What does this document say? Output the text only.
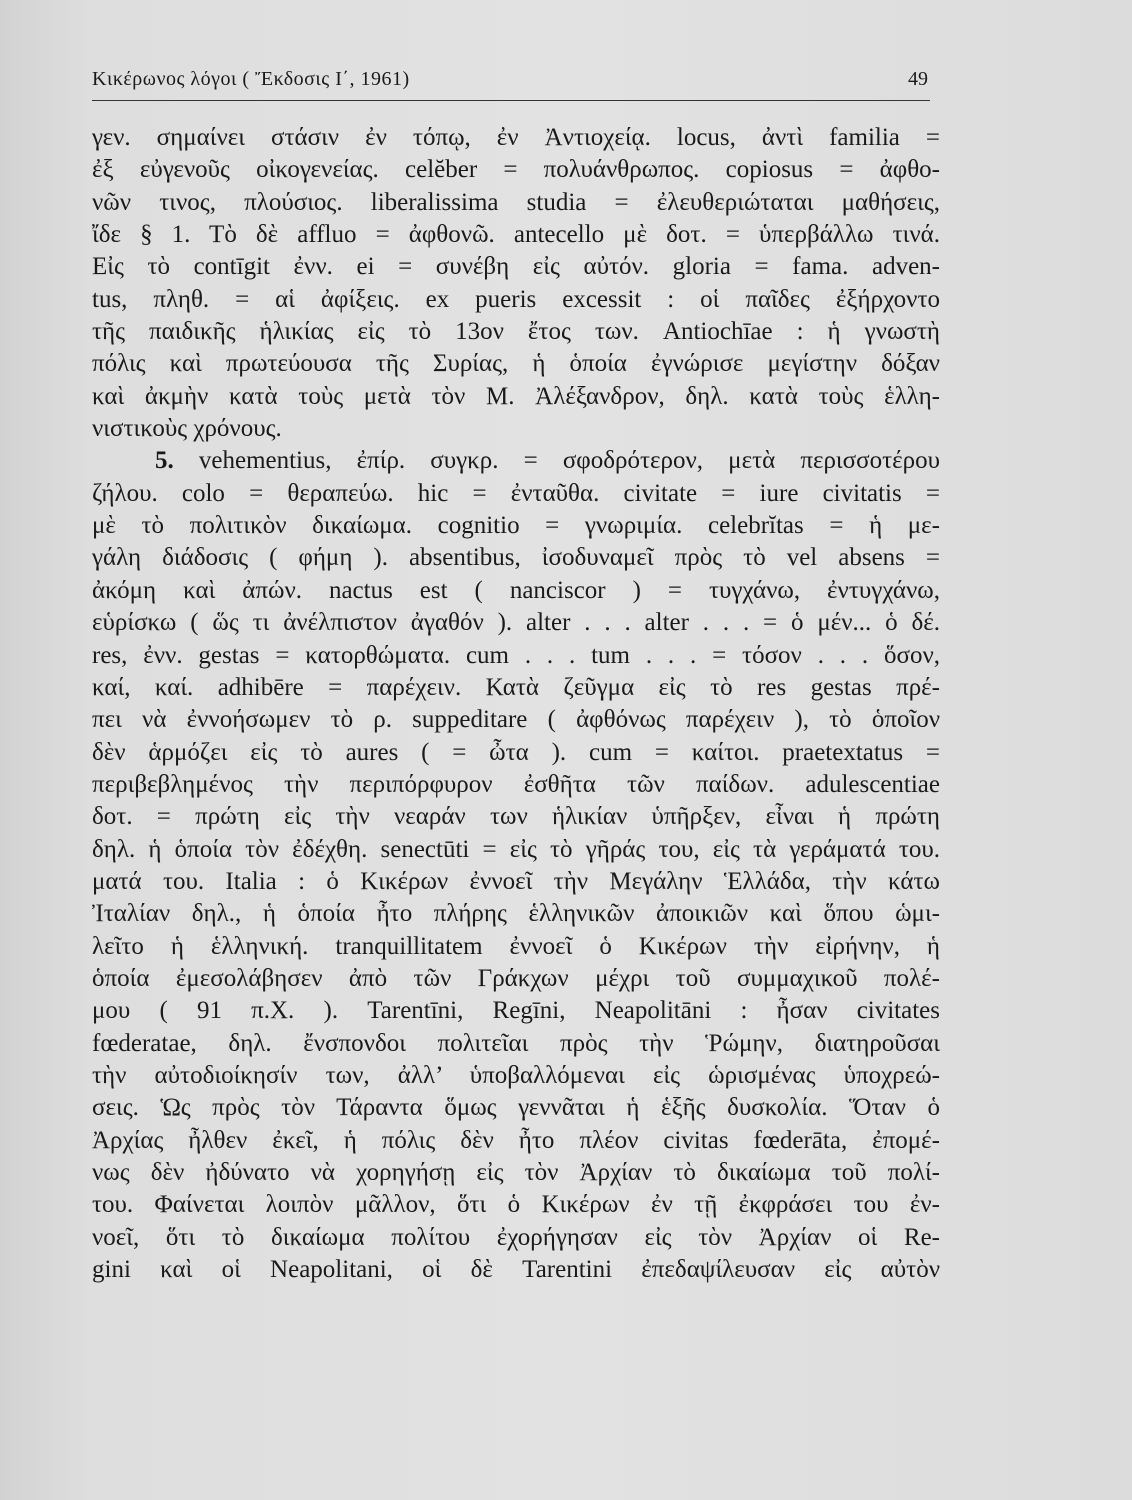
Κικέρωνος λόγοι ( Ἔκδοσις Ι΄, 1961)	49
γεν. σημαίνει στάσιν ἐν τόπῳ, ἐν Ἀντιοχείᾳ. locus, ἀντὶ familia =
ἐξ εὐγενοῦς οἰκογενείας. celĕber = πολυάνθρωπος. copiosus = ἀφθο-
νῶν τινος, πλούσιος. liberalissima studia = ἐλευθεριώταται μαθήσεις,
ἴδε § 1. Τὸ δὲ affluo = ἀφθονῶ. antecello μὲ δοτ. = ὑπερβάλλω τινά.
Εἰς τὸ contīgit ἐνν. ei = συνέβη εἰς αὐτόν. gloria = fama. adven-
tus, πληθ. = αἱ ἀφίξεις. ex pueris excessit : οἱ παῖδες ἐξήρχοντο
τῆς παιδικῆς ἡλικίας εἰς τὸ 13ον ἔτος των. Antiochīae : ἡ γνωστὴ
πόλις καὶ πρωτεύουσα τῆς Συρίας, ἡ ὁποία ἐγνώρισε μεγίστην δόξαν
καὶ ἀκμὴν κατὰ τοὺς μετὰ τὸν Μ. Ἀλέξανδρον, δηλ. κατὰ τοὺς ἑλλη-
νιστικοὺς χρόνους.
5. vehementius, ἐπίρ. συγκρ. = σφοδρότερον, μετὰ περισσοτέρου
ζήλου. colo = θεραπεύω. hic = ἐνταῦθα. civitate = iure civitatis =
μὲ τὸ πολιτικὸν δικαίωμα. cognitio = γνωριμία. celebrĭtas = ἡ με-
γάλη διάδοσις ( φήμη ). absentibus, ἰσοδυναμεῖ πρὸς τὸ vel absens =
ἀκόμη καὶ ἀπών. nactus est ( nanciscor ) = τυγχάνω, ἐντυγχάνω,
εὑρίσκω ( ὥς τι ἀνέλπιστον ἀγαθόν ). alter . . . alter . . . = ὁ μέν... ὁ δέ.
res, ἐνν. gestas = κατορθώματα. cum . . . tum . . . = τόσον . . . ὅσον,
καί, καί. adhibēre = παρέχειν. Κατὰ ζεῦγμα εἰς τὸ res gestas πρέ-
πει νὰ ἐννοήσωμεν τὸ ρ. suppeditare ( ἀφθόνως παρέχειν ), τὸ ὁποῖον
δὲν ἁρμόζει εἰς τὸ aures ( = ὦτα ). cum = καίτοι. praetextatus =
περιβεβλημένος τὴν περιπόρφυρον ἐσθῆτα τῶν παίδων. adulescentiae
δοτ. = πρώτη εἰς τὴν νεαράν των ἡλικίαν ὑπῆρξεν, εἶναι ἡ πρώτη
δηλ. ἡ ὁποία τὸν ἐδέχθη. senectūti = εἰς τὸ γῆράς του, εἰς τὰ γεράματά του.
ματά του. Italia : ὁ Κικέρων ἐννοεῖ τὴν Μεγάλην Ἑλλάδα, τὴν κάτω
Ἰταλίαν δηλ., ἡ ὁποία ἦτο πλήρης ἑλληνικῶν ἀποικιῶν καὶ ὅπου ὡμι-
λεῖτο ἡ ἑλληνική. tranquillitatem ἐννοεῖ ὁ Κικέρων τὴν εἰρήνην, ἡ
ὁποία ἐμεσολάβησεν ἀπὸ τῶν Γράκχων μέχρι τοῦ συμμαχικοῦ πολέ-
μου ( 91 π.Χ. ). Tarentīni, Regīni, Neapolitāni : ἦσαν civitates
fœderatae, δηλ. ἔνσπονδοι πολιτεῖαι πρὸς τὴν Ῥώμην, διατηροῦσαι
τὴν αὐτοδιοίκησίν των, ἀλλ’ ὑποβαλλόμεναι εἰς ὡρισμένας ὑποχρεώ-
σεις. Ὡς πρὸς τὸν Τάραντα ὅμως γεννᾶται ἡ ἑξῆς δυσκολία. Ὅταν ὁ
Ἀρχίας ἦλθεν ἐκεῖ, ἡ πόλις δὲν ἦτο πλέον civitas fœderāta, ἐπομέ-
νως δὲν ἠδύνατο νὰ χορηγήσῃ εἰς τὸν Ἀρχίαν τὸ δικαίωμα τοῦ πολί-
του. Φαίνεται λοιπὸν μᾶλλον, ὅτι ὁ Κικέρων ἐν τῇ ἐκφράσει του ἐν-
νοεῖ, ὅτι τὸ δικαίωμα πολίτου ἐχορήγησαν εἰς τὸν Ἀρχίαν οἱ Re-
gini καὶ οἱ Neapolitani, οἱ δὲ Tarentini ἐπεδαψίλευσαν εἰς αὐτὸν
